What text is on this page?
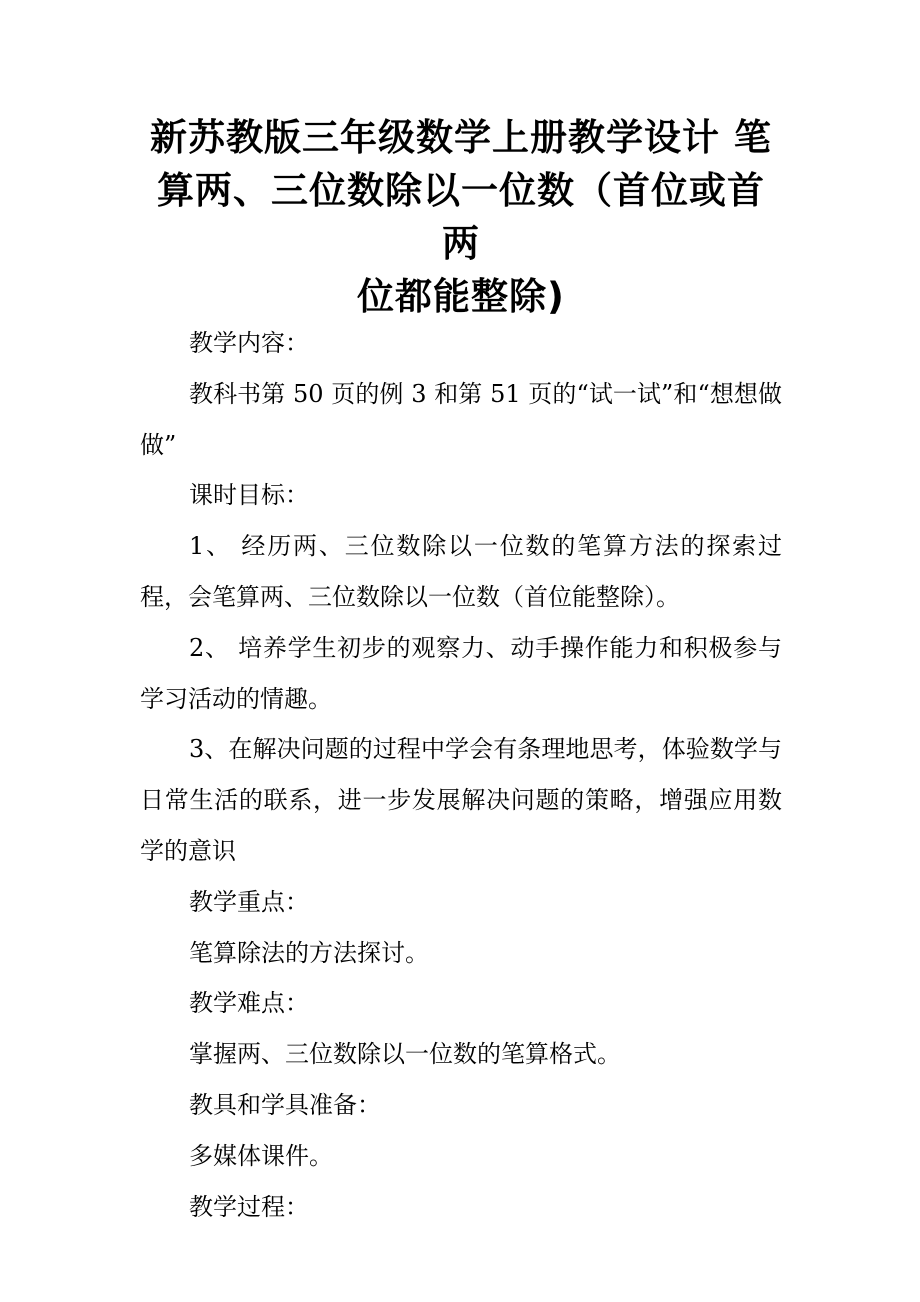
新苏教版三年级数学上册教学设计 笔
算两、三位数除以一位数（首位或首两
位都能整除)

教学内容：

教科书第 50 页的例 3 和第 51 页的“试一试”和“想想做做”

课时目标：

1、 经历两、三位数除以一位数的笔算方法的探索过程，会笔算两、三位数除以一位数（首位能整除）。

2、 培养学生初步的观察力、动手操作能力和积极参与学习活动的情趣。

3、在解决问题的过程中学会有条理地思考，体验数学与日常生活的联系，进一步发展解决问题的策略，增强应用数学的意识

教学重点：

笔算除法的方法探讨。

教学难点：

掌握两、三位数除以一位数的笔算格式。

教具和学具准备：

多媒体课件。

教学过程：
